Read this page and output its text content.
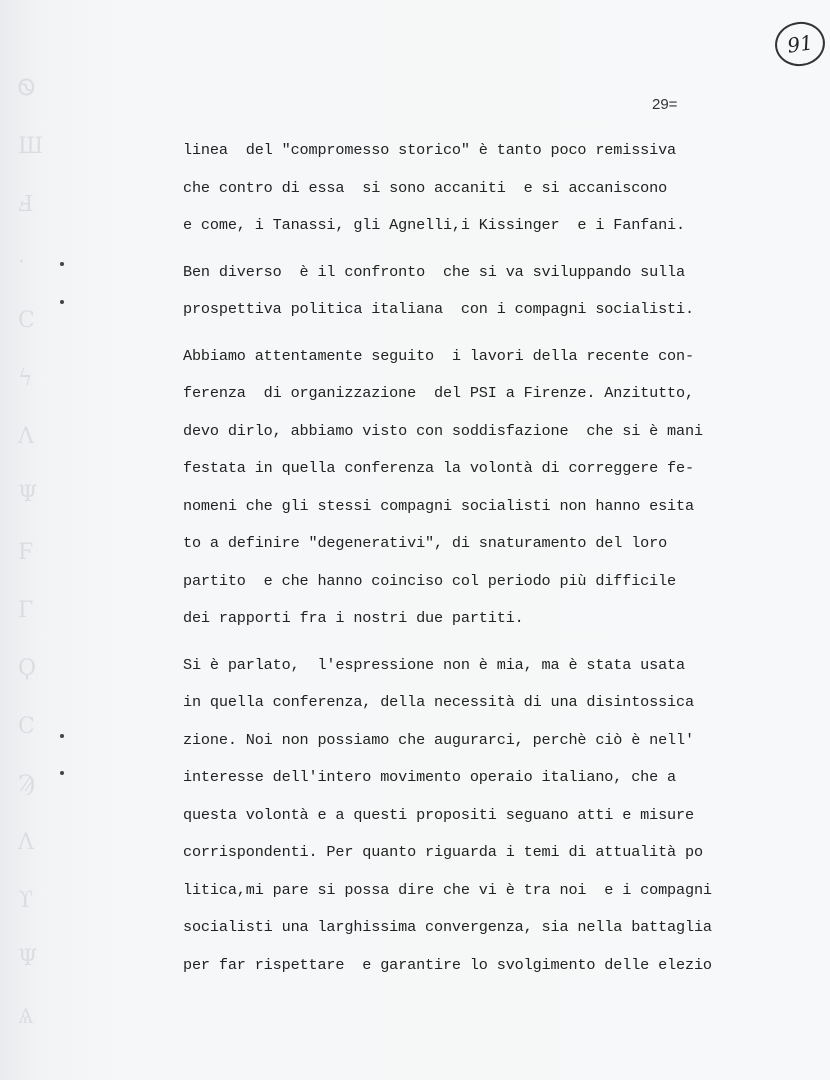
Ꮻ
Ш
Ⅎ
·
Ϲ
ϟ
Λ
Ψ
Ϝ
Γ
Ϙ
Ϲ
Ϡ
Λ
ϒ
Ψ
Ѧ
91
29=
linea  del "compromesso storico" è tanto poco remissiva
che contro di essa  si sono accaniti  e si accaniscono
e come, i Tanassi, gli Agnelli,i Kissinger  e i Fanfani.
Ben diverso  è il confronto  che si va sviluppando sulla
prospettiva politica italiana  con i compagni socialisti.
Abbiamo attentamente seguito  i lavori della recente con-
ferenza  di organizzazione  del PSI a Firenze. Anzitutto,
devo dirlo, abbiamo visto con soddisfazione  che si è mani
festata in quella conferenza la volontà di correggere fe-
nomeni che gli stessi compagni socialisti non hanno esita
to a definire "degenerativi", di snaturamento del loro
partito  e che hanno coinciso col periodo più difficile
dei rapporti fra i nostri due partiti.
Si è parlato,  l'espressione non è mia, ma è stata usata
in quella conferenza, della necessità di una disintossica
zione. Noi non possiamo che augurarci, perchè ciò è nell'
interesse dell'intero movimento operaio italiano, che a
questa volontà e a questi propositi seguano atti e misure
corrispondenti. Per quanto riguarda i temi di attualità po
litica,mi pare si possa dire che vi è tra noi  e i compagni
socialisti una larghissima convergenza, sia nella battaglia
per far rispettare  e garantire lo svolgimento delle elezio
